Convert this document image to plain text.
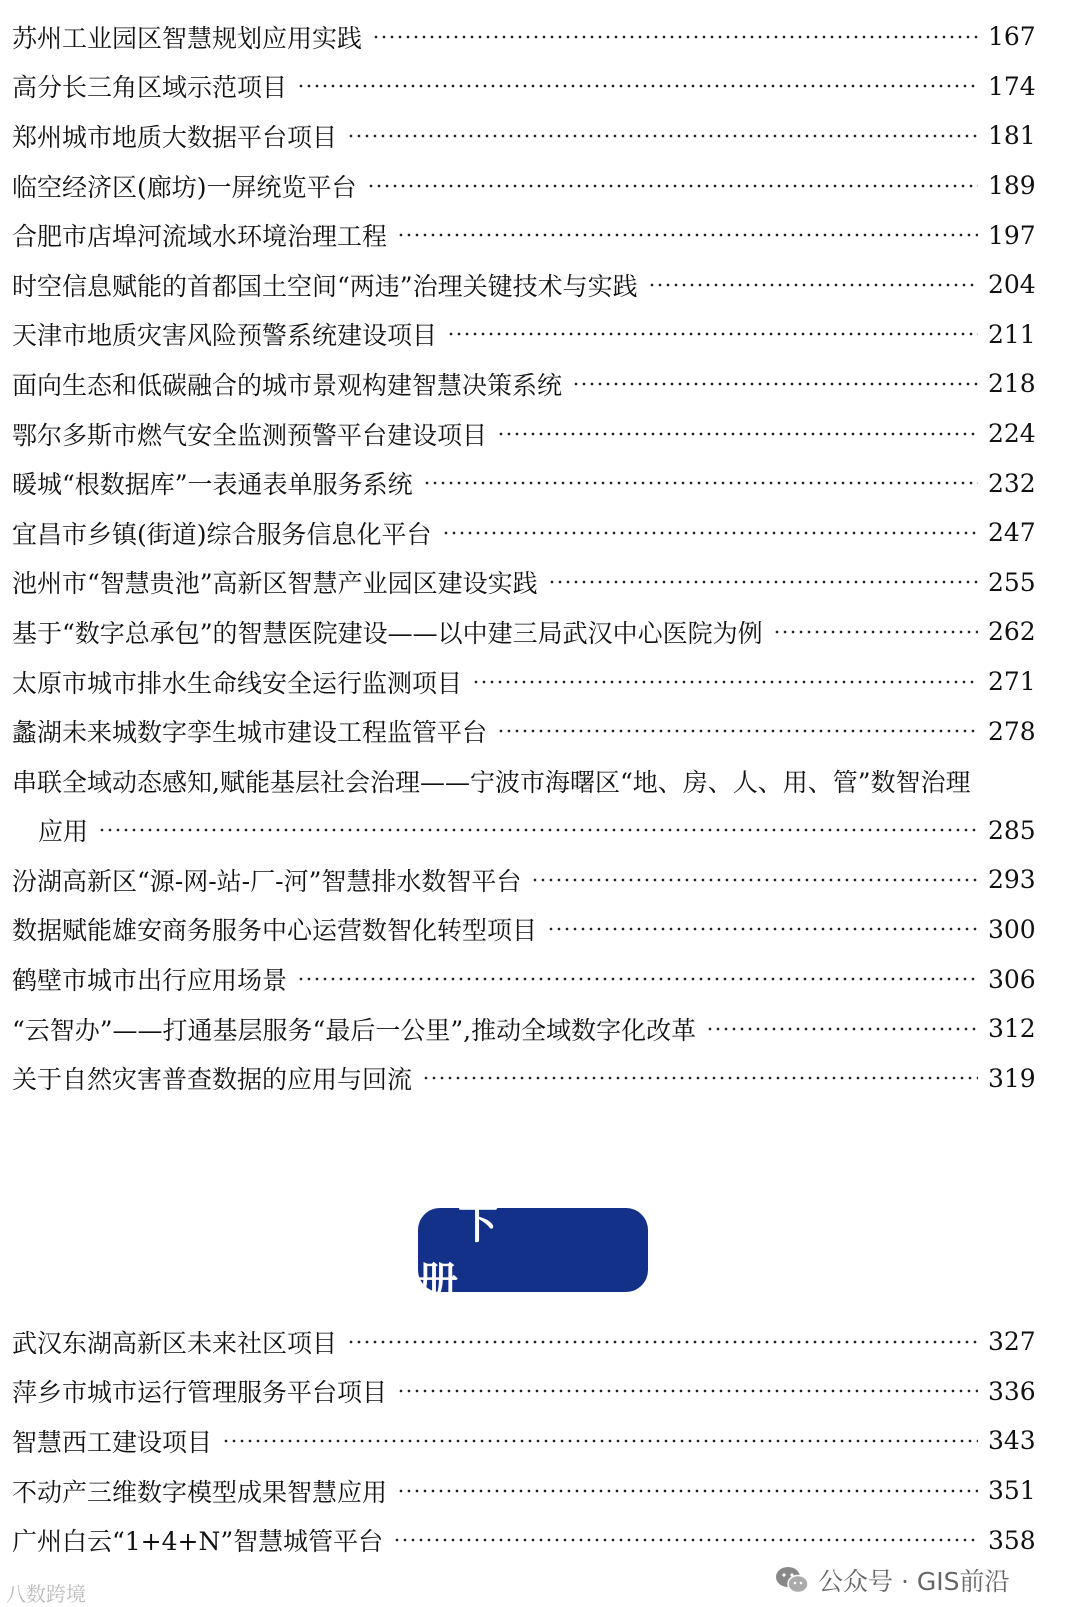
苏州工业园区智慧规划应用实践	167
高分长三角区域示范项目	174
郑州城市地质大数据平台项目	181
临空经济区(廊坊)一屏统览平台	189
合肥市店埠河流域水环境治理工程	197
时空信息赋能的首都国土空间“两违”治理关键技术与实践	204
天津市地质灾害风险预警系统建设项目	211
面向生态和低碳融合的城市景观构建智慧决策系统	218
鄂尔多斯市燃气安全监测预警平台建设项目	224
暖城“根数据库”一表通表单服务系统	232
宜昌市乡镇(街道)综合服务信息化平台	247
池州市“智慧贵池”高新区智慧产业园区建设实践	255
基于“数字总承包”的智慧医院建设——以中建三局武汉中心医院为例	262
太原市城市排水生命线安全运行监测项目	271
蠡湖未来城数字孪生城市建设工程监管平台	278
串联全域动态感知,赋能基层社会治理——宁波市海曙区“地、房、人、用、管”数智治理
应用	285
汾湖高新区“源-网-站-厂-河”智慧排水数智平台	293
数据赋能雄安商务服务中心运营数智化转型项目	300
鹤壁市城市出行应用场景	306
“云智办”——打通基层服务“最后一公里”,推动全域数字化改革	312
关于自然灾害普查数据的应用与回流	319
下 册
武汉东湖高新区未来社区项目	327
萍乡市城市运行管理服务平台项目	336
智慧西工建设项目	343
不动产三维数字模型成果智慧应用	351
广州白云“1+4+N”智慧城管平台	358
八数跨境	公众号 · GIS前沿
